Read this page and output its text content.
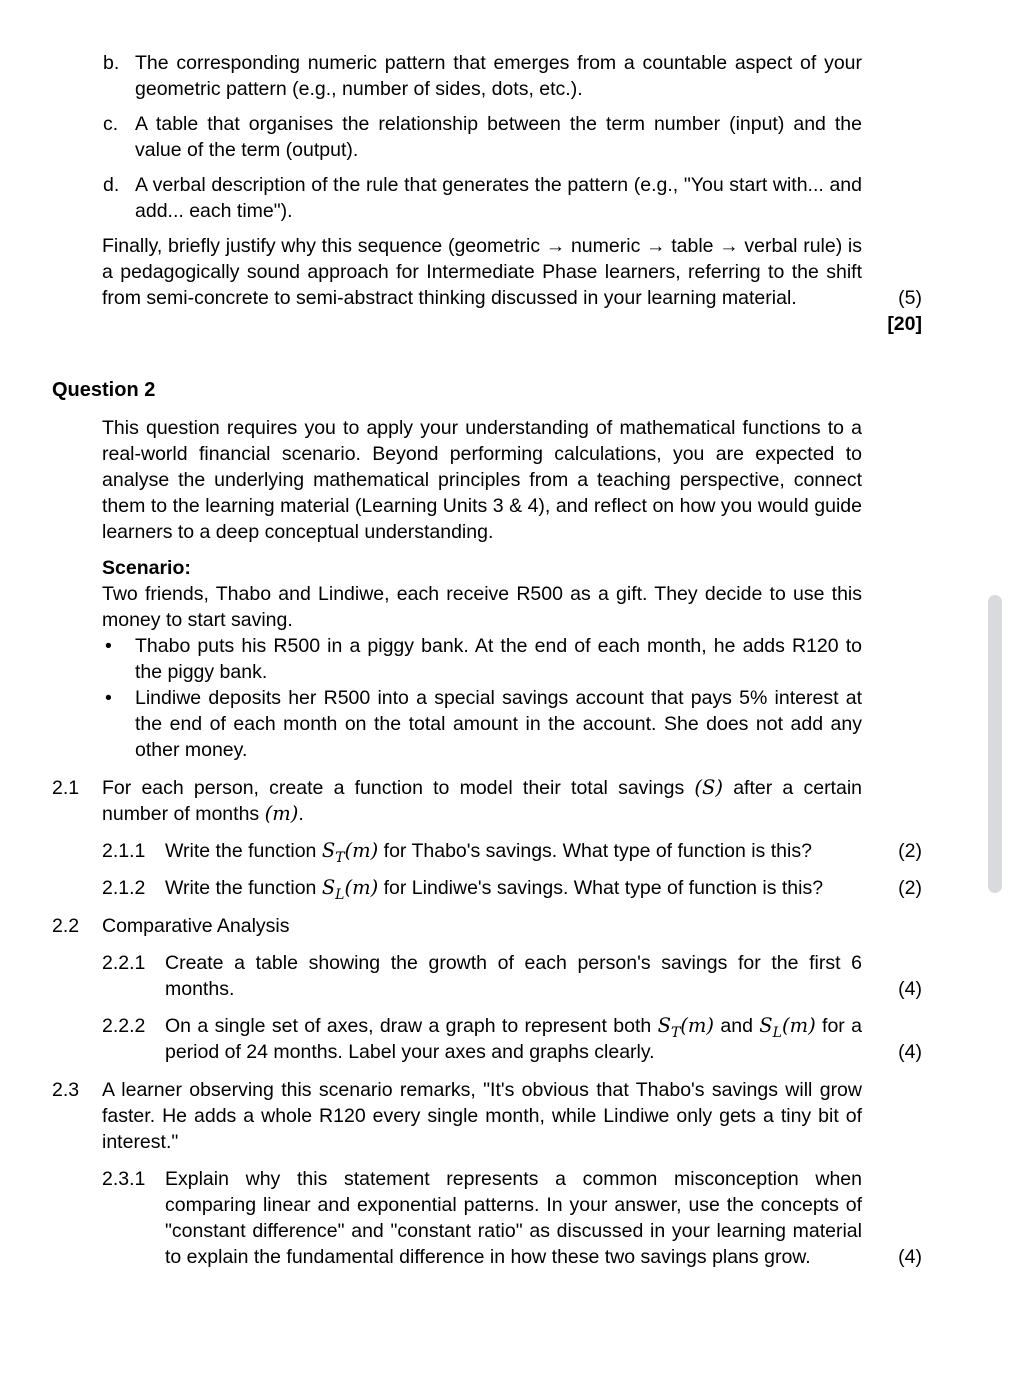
b. The corresponding numeric pattern that emerges from a countable aspect of your geometric pattern (e.g., number of sides, dots, etc.).
c. A table that organises the relationship between the term number (input) and the value of the term (output).
d. A verbal description of the rule that generates the pattern (e.g., "You start with... and add... each time").
Finally, briefly justify why this sequence (geometric → numeric → table → verbal rule) is a pedagogically sound approach for Intermediate Phase learners, referring to the shift from semi-concrete to semi-abstract thinking discussed in your learning material.	(5)
[20]
Question 2
This question requires you to apply your understanding of mathematical functions to a real-world financial scenario. Beyond performing calculations, you are expected to analyse the underlying mathematical principles from a teaching perspective, connect them to the learning material (Learning Units 3 & 4), and reflect on how you would guide learners to a deep conceptual understanding.
Scenario:
Two friends, Thabo and Lindiwe, each receive R500 as a gift. They decide to use this money to start saving.
•	Thabo puts his R500 in a piggy bank. At the end of each month, he adds R120 to the piggy bank.
•	Lindiwe deposits her R500 into a special savings account that pays 5% interest at the end of each month on the total amount in the account. She does not add any other money.
2.1	For each person, create a function to model their total savings (S) after a certain number of months (m).
2.1.1	Write the function $S_T(m)$ for Thabo's savings. What type of function is this?	(2)
2.1.2	Write the function $S_L(m)$ for Lindiwe's savings. What type of function is this?	(2)
2.2	Comparative Analysis
2.2.1	Create a table showing the growth of each person's savings for the first 6 months.	(4)
2.2.2	On a single set of axes, draw a graph to represent both $S_T(m)$ and $S_L(m)$ for a period of 24 months. Label your axes and graphs clearly.	(4)
2.3	A learner observing this scenario remarks, "It's obvious that Thabo's savings will grow faster. He adds a whole R120 every single month, while Lindiwe only gets a tiny bit of interest."
2.3.1	Explain why this statement represents a common misconception when comparing linear and exponential patterns. In your answer, use the concepts of "constant difference" and "constant ratio" as discussed in your learning material to explain the fundamental difference in how these two savings plans grow.	(4)
